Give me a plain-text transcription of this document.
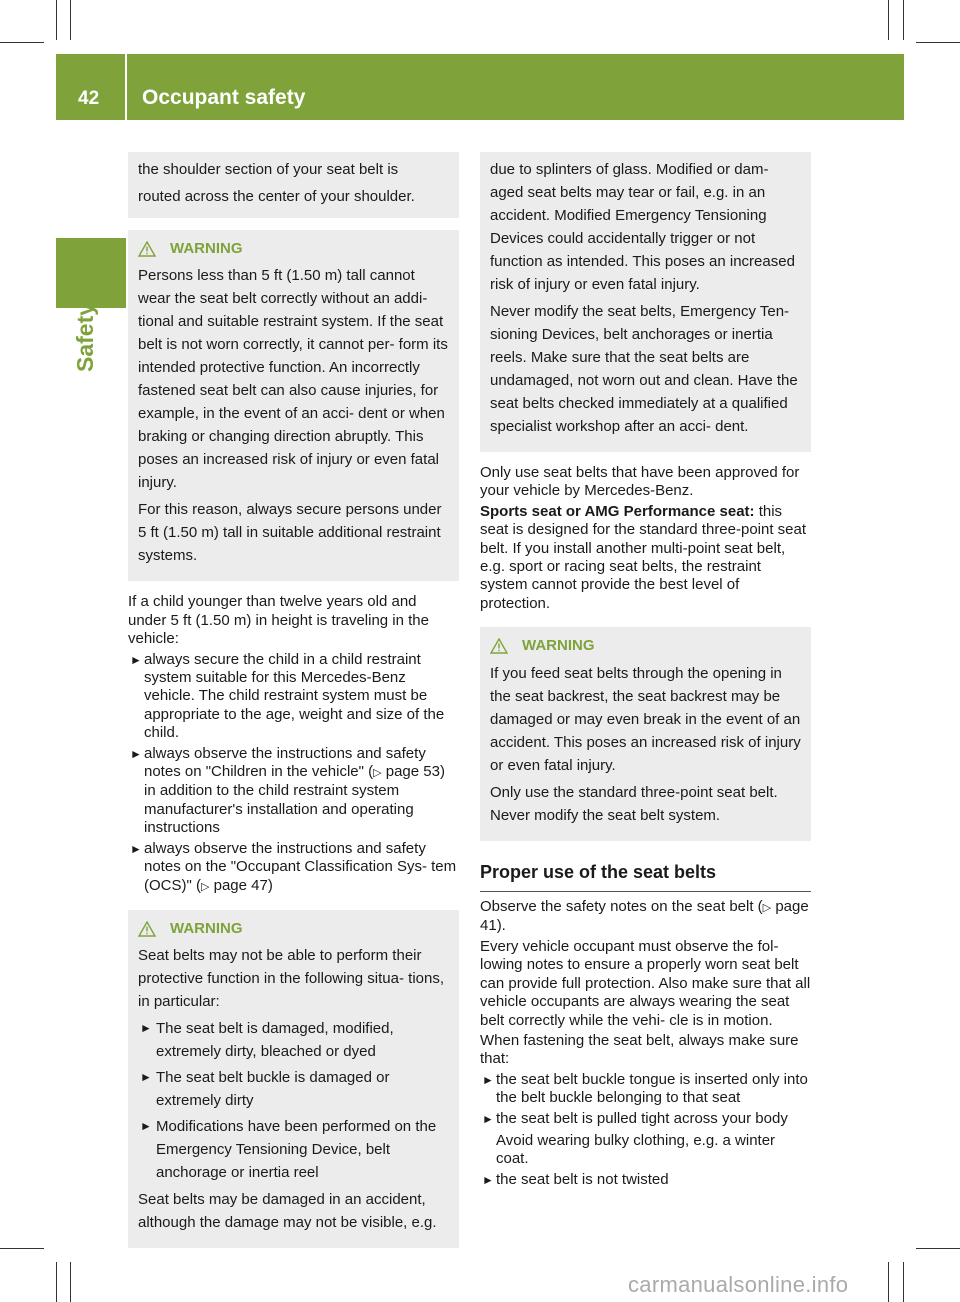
42 Occupant safety
Safety

the shoulder section of your seat belt is

routed across the center of your shoulder.

WARNING

Persons less than 5 ft (1.50 m) tall cannot wear the seat belt correctly without an addi- tional and suitable restraint system. If the seat belt is not worn correctly, it cannot per- form its intended protective function. An incorrectly fastened seat belt can also cause injuries, for example, in the event of an acci- dent or when braking or changing direction abruptly. This poses an increased risk of injury or even fatal injury.

For this reason, always secure persons under 5 ft (1.50 m) tall in suitable additional restraint systems.

If a child younger than twelve years old and under 5 ft (1.50 m) in height is traveling in the vehicle:

► always secure the child in a child restraint system suitable for this Mercedes-Benz vehicle. The child restraint system must be appropriate to the age, weight and size of the child.
► always observe the instructions and safety notes on "Children in the vehicle" (▷ page 53) in addition to the child restraint system manufacturer's installation and operating instructions
► always observe the instructions and safety notes on the "Occupant Classification Sys- tem (OCS)" (▷ page 47)
WARNING

Seat belts may not be able to perform their protective function in the following situa- tions, in particular:

► The seat belt is damaged, modified, extremely dirty, bleached or dyed
► The seat belt buckle is damaged or extremely dirty
► Modifications have been performed on the Emergency Tensioning Device, belt anchorage or inertia reel

Seat belts may be damaged in an accident, although the damage may not be visible, e.g.

due to splinters of glass. Modified or dam- aged seat belts may tear or fail, e.g. in an accident. Modified Emergency Tensioning Devices could accidentally trigger or not function as intended. This poses an increased risk of injury or even fatal injury.

Never modify the seat belts, Emergency Ten- sioning Devices, belt anchorages or inertia reels. Make sure that the seat belts are undamaged, not worn out and clean. Have the seat belts checked immediately at a qualified specialist workshop after an acci- dent.

Only use seat belts that have been approved for your vehicle by Mercedes-Benz.

Sports seat or AMG Performance seat: this seat is designed for the standard three-point seat belt. If you install another multi-point seat belt, e.g. sport or racing seat belts, the restraint system cannot provide the best level of protection.

WARNING

If you feed seat belts through the opening in the seat backrest, the seat backrest may be damaged or may even break in the event of an accident. This poses an increased risk of injury or even fatal injury.

Only use the standard three-point seat belt. Never modify the seat belt system.

Proper use of the seat belts

Observe the safety notes on the seat belt (▷ page 41).

Every vehicle occupant must observe the fol- lowing notes to ensure a properly worn seat belt can provide full protection. Also make sure that all vehicle occupants are always wearing the seat belt correctly while the vehi- cle is in motion.

When fastening the seat belt, always make sure that:

► the seat belt buckle tongue is inserted only into the belt buckle belonging to that seat
► the seat belt is pulled tight across your body
Avoid wearing bulky clothing, e.g. a winter coat.
► the seat belt is not twisted
carmanualsonline.info
